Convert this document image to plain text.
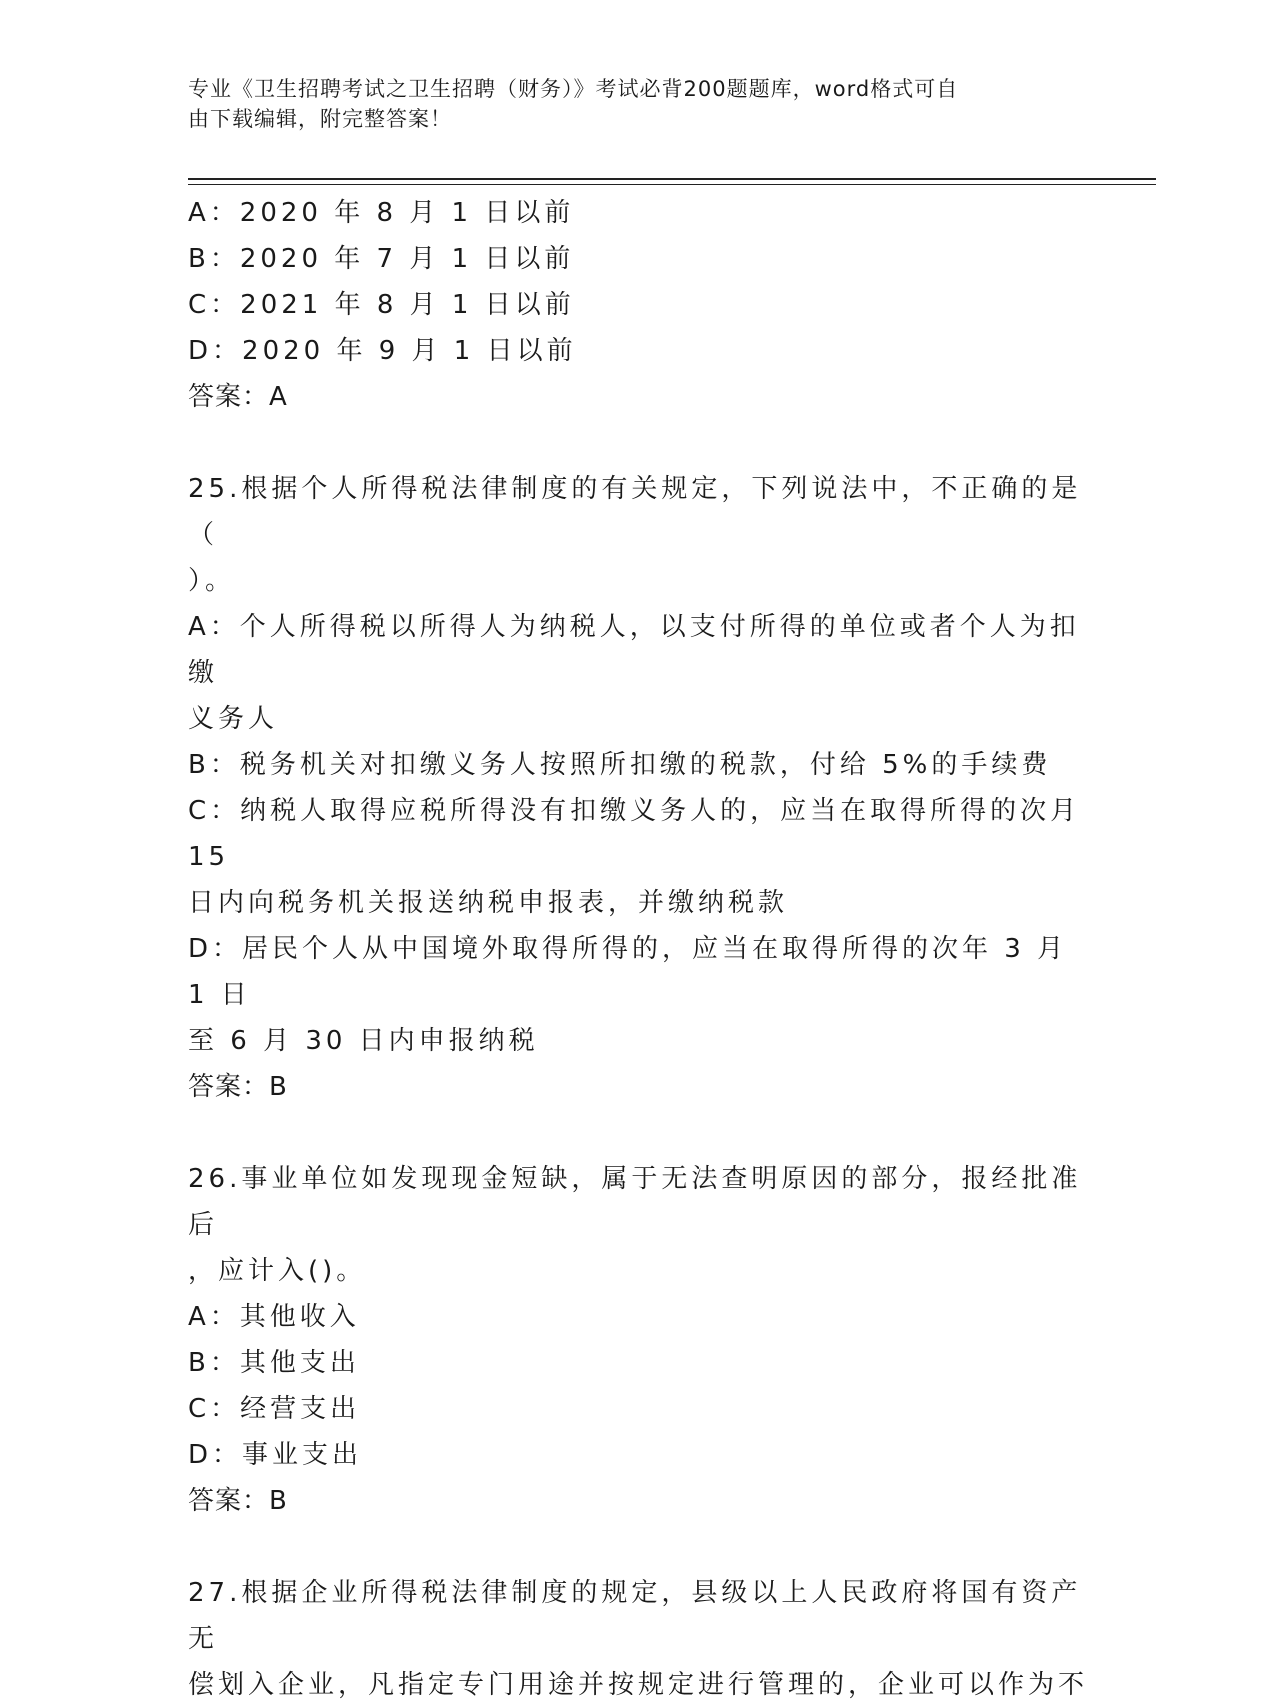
专业《卫生招聘考试之卫生招聘（财务）》考试必背200题题库，word格式可自
由下载编辑，附完整答案！
A：2020 年 8 月 1 日以前
B：2020 年 7 月 1 日以前
C：2021 年 8 月 1 日以前
D：2020 年 9 月 1 日以前
答案：A
25.根据个人所得税法律制度的有关规定，下列说法中，不正确的是（
）。
A：个人所得税以所得人为纳税人，以支付所得的单位或者个人为扣缴
义务人
B：税务机关对扣缴义务人按照所扣缴的税款，付给 5%的手续费
C：纳税人取得应税所得没有扣缴义务人的，应当在取得所得的次月 15
日内向税务机关报送纳税申报表，并缴纳税款
D：居民个人从中国境外取得所得的，应当在取得所得的次年 3 月 1 日
至 6 月 30 日内申报纳税
答案：B
26.事业单位如发现现金短缺，属于无法查明原因的部分，报经批准后
，应计入()。
A：其他收入
B：其他支出
C：经营支出
D：事业支出
答案：B
27.根据企业所得税法律制度的规定，县级以上人民政府将国有资产无
偿划入企业，凡指定专门用途并按规定进行管理的，企业可以作为不
